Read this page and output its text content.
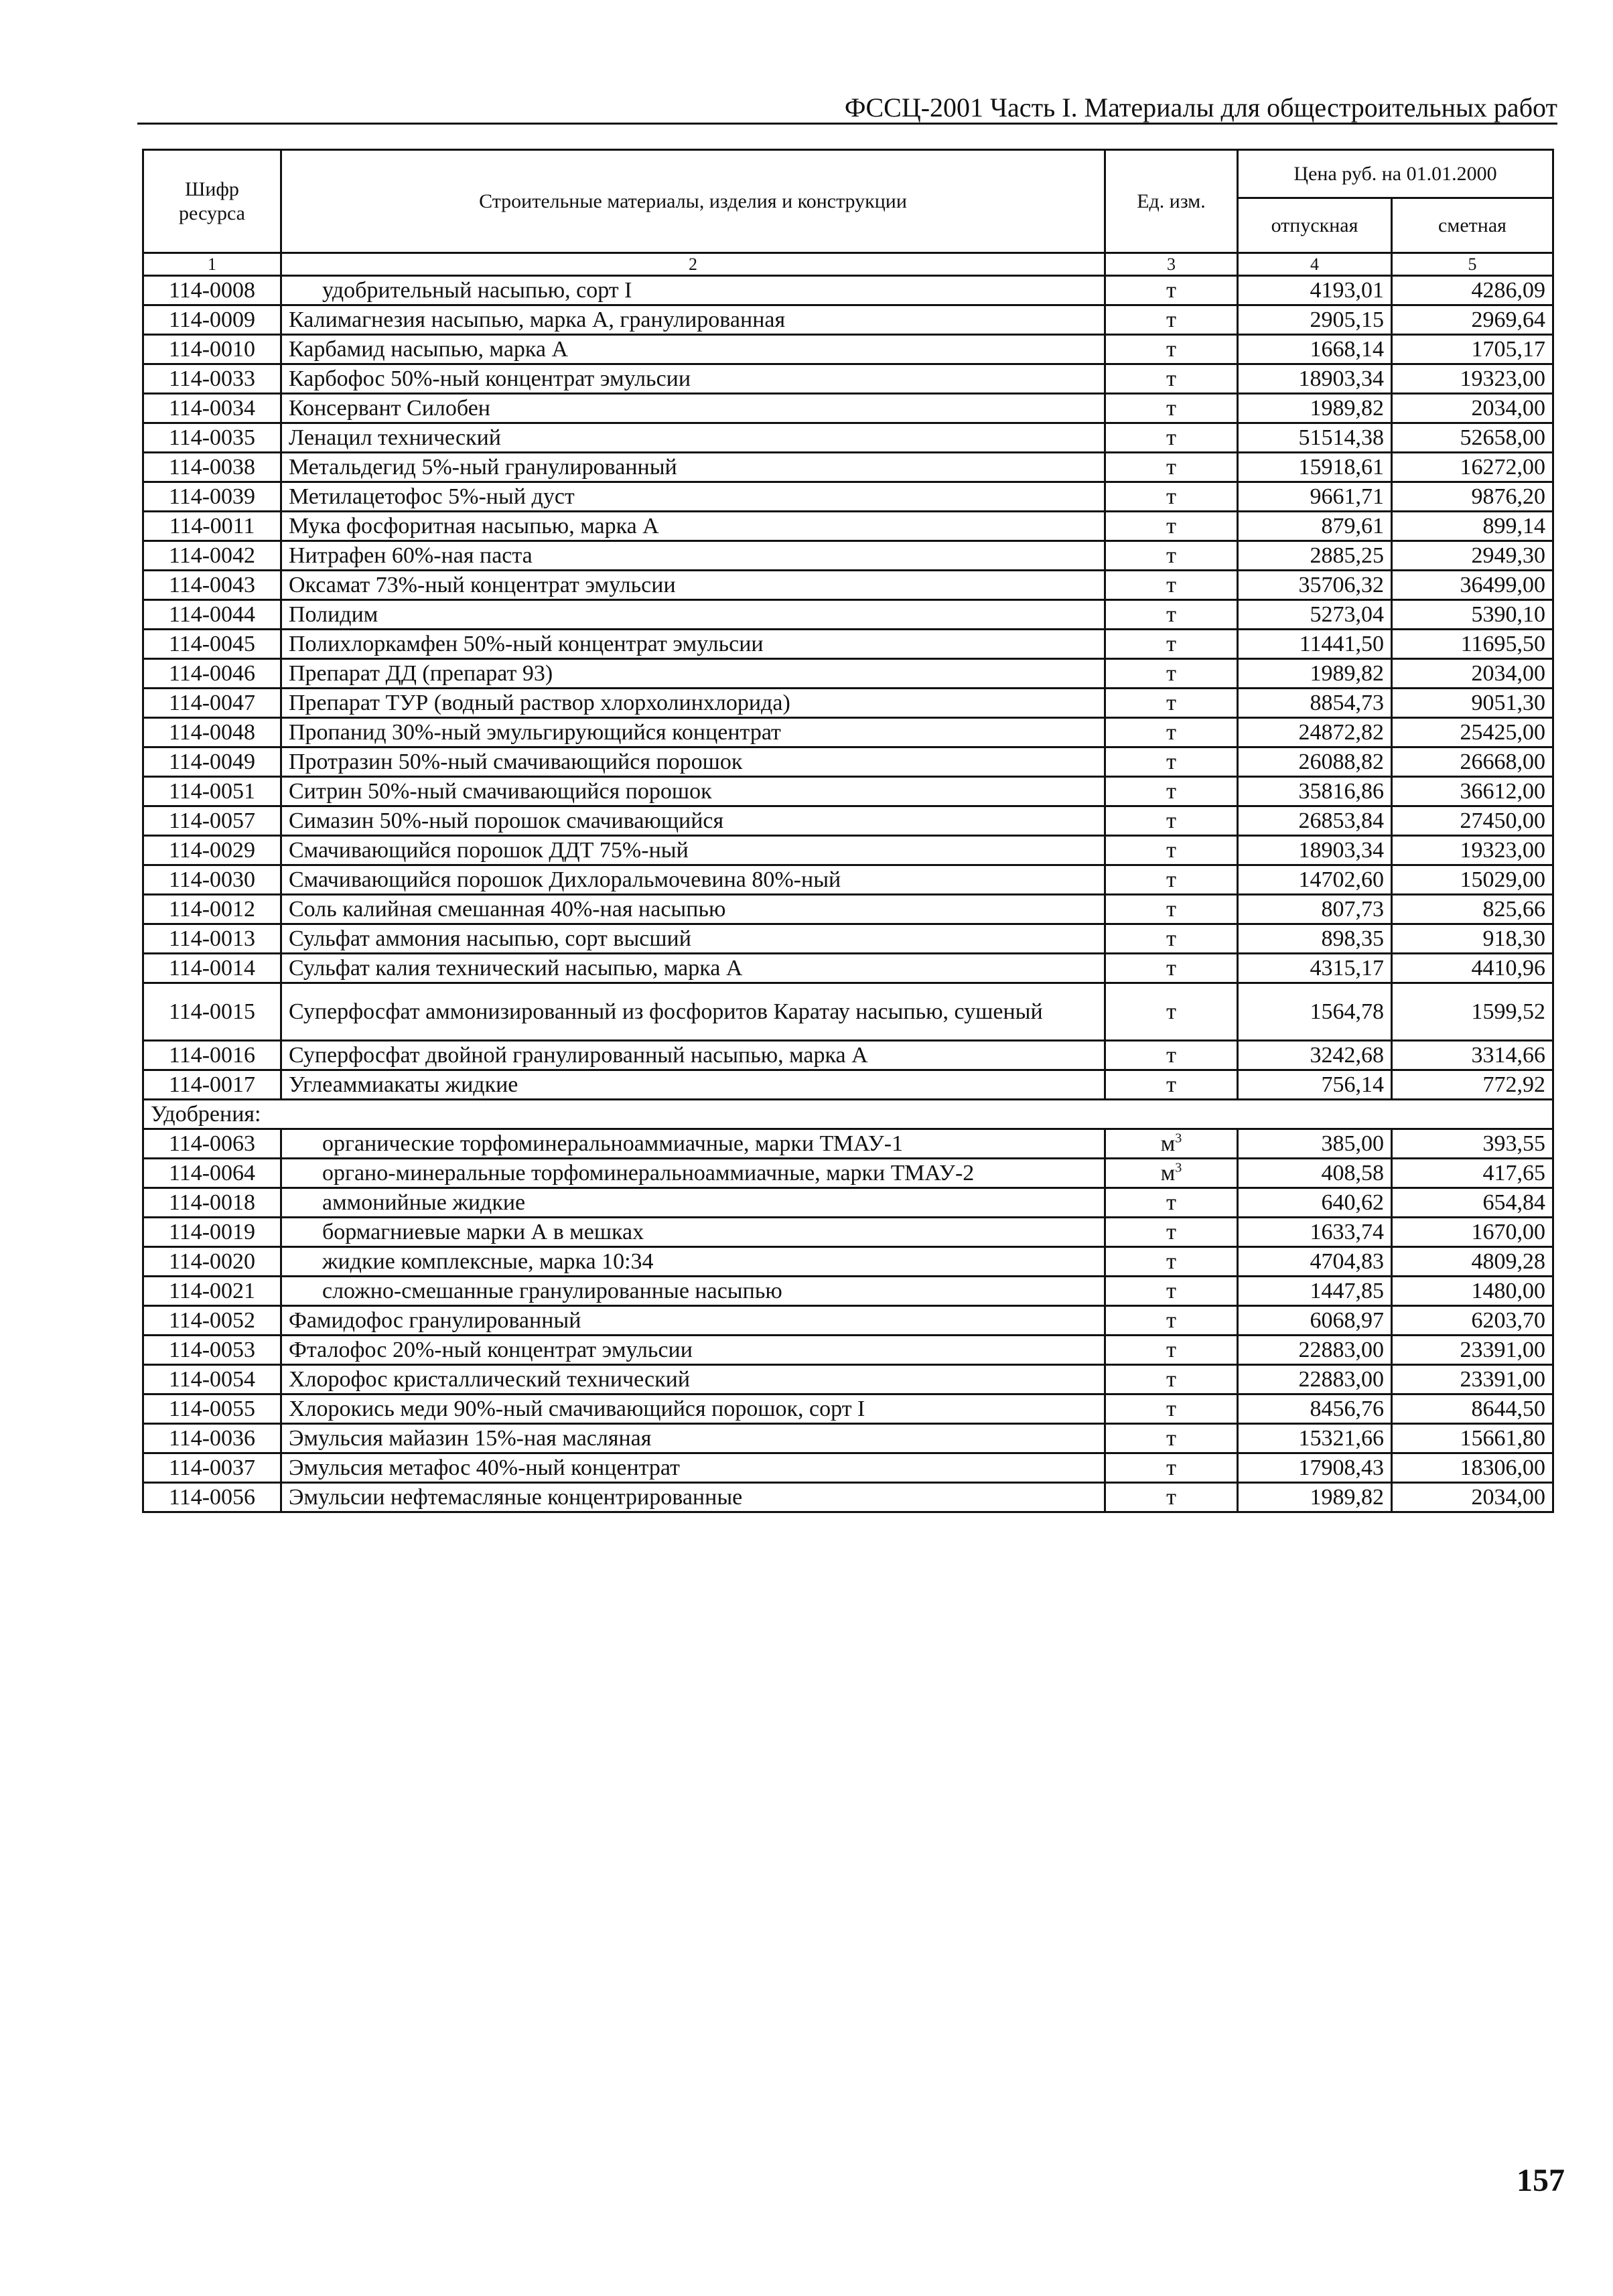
ФССЦ-2001 Часть I. Материалы для общестроительных работ
Шифр ресурса	Строительные материалы, изделия и конструкции	Ед. изм.	Цена руб. на 01.01.2000	
			отпускная	сметная
1	2	3	4	5
114-0008	удобрительный насыпью, сорт I	т	4193,01	4286,09
114-0009	Калимагнезия насыпью, марка А, гранулированная	т	2905,15	2969,64
114-0010	Карбамид насыпью, марка А	т	1668,14	1705,17
114-0033	Карбофос 50%-ный концентрат эмульсии	т	18903,34	19323,00
114-0034	Консервант Силобен	т	1989,82	2034,00
114-0035	Ленацил технический	т	51514,38	52658,00
114-0038	Метальдегид 5%-ный гранулированный	т	15918,61	16272,00
114-0039	Метилацетофос 5%-ный дуст	т	9661,71	9876,20
114-0011	Мука фосфоритная насыпью, марка А	т	879,61	899,14
114-0042	Нитрафен 60%-ная паста	т	2885,25	2949,30
114-0043	Оксамат 73%-ный концентрат эмульсии	т	35706,32	36499,00
114-0044	Полидим	т	5273,04	5390,10
114-0045	Полихлоркамфен 50%-ный концентрат эмульсии	т	11441,50	11695,50
114-0046	Препарат ДД (препарат 93)	т	1989,82	2034,00
114-0047	Препарат ТУР (водный раствор хлорхолинхлорида)	т	8854,73	9051,30
114-0048	Пропанид 30%-ный эмульгирующийся концентрат	т	24872,82	25425,00
114-0049	Протразин 50%-ный смачивающийся порошок	т	26088,82	26668,00
114-0051	Ситрин 50%-ный смачивающийся порошок	т	35816,86	36612,00
114-0057	Симазин 50%-ный порошок смачивающийся	т	26853,84	27450,00
114-0029	Смачивающийся порошок ДДТ 75%-ный	т	18903,34	19323,00
114-0030	Смачивающийся порошок Дихлоральмочевина 80%-ный	т	14702,60	15029,00
114-0012	Соль калийная смешанная 40%-ная насыпью	т	807,73	825,66
114-0013	Сульфат аммония насыпью, сорт высший	т	898,35	918,30
114-0014	Сульфат калия технический насыпью, марка А	т	4315,17	4410,96
114-0015	Суперфосфат аммонизированный из фосфоритов Каратау насыпью, сушеный	т	1564,78	1599,52
114-0016	Суперфосфат двойной гранулированный насыпью, марка А	т	3242,68	3314,66
114-0017	Углеаммиакаты жидкие	т	756,14	772,92
Удобрения:				
114-0063	органические торфоминеральноаммиачные, марки ТМАУ-1	$м^3$	385,00	393,55
114-0064	органо-минеральные торфоминеральноаммиачные, марки ТМАУ-2	$м^3$	408,58	417,65
114-0018	аммонийные жидкие	т	640,62	654,84
114-0019	бормагниевые марки А в мешках	т	1633,74	1670,00
114-0020	жидкие комплексные, марка 10:34	т	4704,83	4809,28
114-0021	сложно-смешанные гранулированные насыпью	т	1447,85	1480,00
114-0052	Фамидофос гранулированный	т	6068,97	6203,70
114-0053	Фталофос 20%-ный концентрат эмульсии	т	22883,00	23391,00
114-0054	Хлорофос кристаллический технический	т	22883,00	23391,00
114-0055	Хлорокись меди 90%-ный смачивающийся порошок, сорт I	т	8456,76	8644,50
114-0036	Эмульсия майазин 15%-ная масляная	т	15321,66	15661,80
114-0037	Эмульсия метафос 40%-ный концентрат	т	17908,43	18306,00
114-0056	Эмульсии нефтемасляные концентрированные	т	1989,82	2034,00
157
